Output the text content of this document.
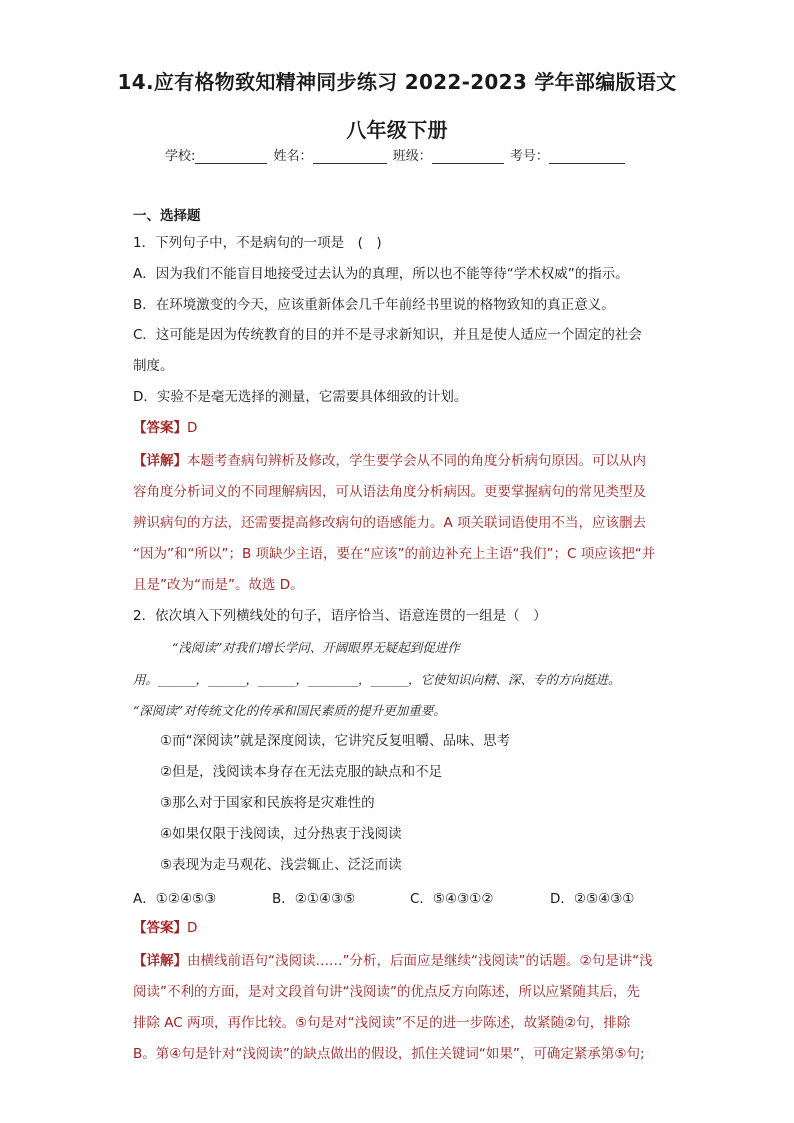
14.应有格物致知精神同步练习 2022-2023 学年部编版语文
八年级下册
学校:	姓名：	班级：	考号：
一、选择题
1．下列句子中，不是病句的一项是　(　)
A．因为我们不能盲目地接受过去认为的真理，所以也不能等待“学术权威”的指示。
B．在环境激变的今天，应该重新体会几千年前经书里说的格物致知的真正意义。
C．这可能是因为传统教育的目的并不是寻求新知识，并且是使人适应一个固定的社会
制度。
D．实验不是毫无选择的测量，它需要具体细致的计划。
【答案】D
【详解】本题考查病句辨析及修改，学生要学会从不同的角度分析病句原因。可以从内
容角度分析词义的不同理解病因，可从语法角度分析病因。更要掌握病句的常见类型及
辨识病句的方法，还需要提高修改病句的语感能力。A 项关联词语使用不当，应该删去
“因为”和“所以”；B 项缺少主语，要在“应该”的前边补充上主语“我们”；C 项应该把“并
且是”改为“而是”。故选 D。
2．依次填入下列横线处的句子，语序恰当、语意连贯的一组是（　）
“浅阅读”对我们增长学问、开阔眼界无疑起到促进作
用。______，______，______，________，______，它使知识向精、深、专的方向挺进。
“深阅读”对传统文化的传承和国民素质的提升更加重要。
①而“深阅读”就是深度阅读，它讲究反复咀嚼、品味、思考
②但是，浅阅读本身存在无法克服的缺点和不足
③那么对于国家和民族将是灾难性的
④如果仅限于浅阅读，过分热衷于浅阅读
⑤表现为走马观花、浅尝辄止、泛泛而读
A．①②④⑤③	B．②①④③⑤	C．⑤④③①②	D．②⑤④③①
【答案】D
【详解】由横线前语句“浅阅读……”分析，后面应是继续“浅阅读”的话题。②句是讲“浅
阅读”不利的方面，是对文段首句讲“浅阅读”的优点反方向陈述，所以应紧随其后，先
排除 AC 两项，再作比较。⑤句是对“浅阅读”不足的进一步陈述，故紧随②句，排除
B。第④句是针对“浅阅读”的缺点做出的假设，抓住关键词“如果”，可确定紧承第⑤句;
